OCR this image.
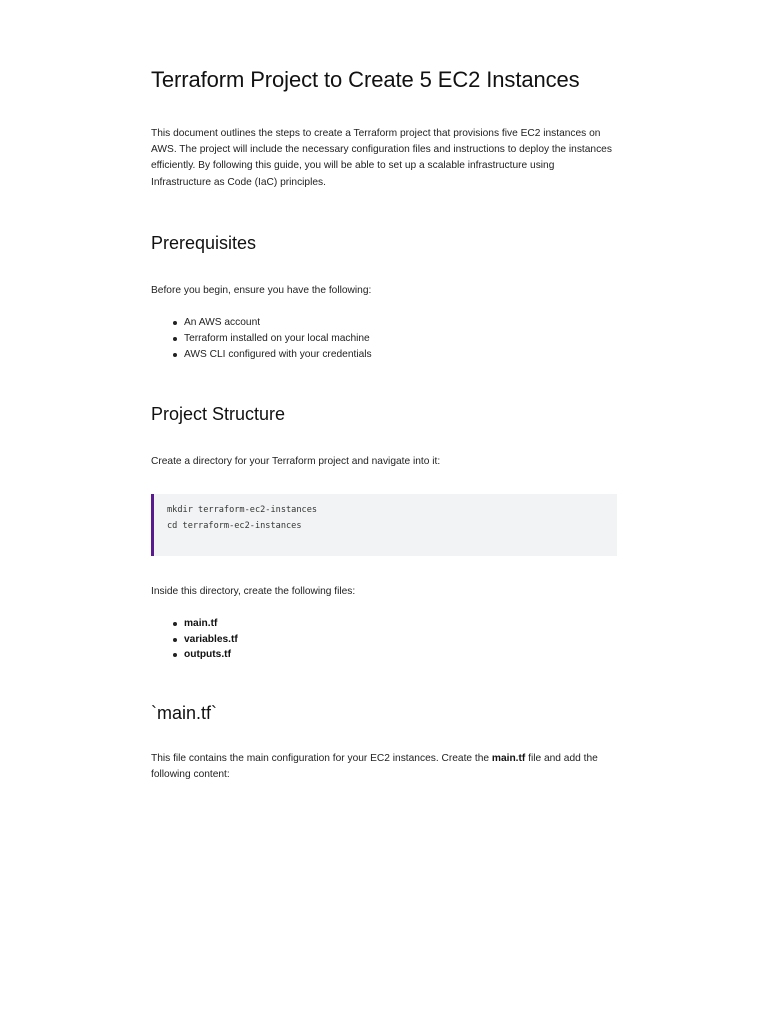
Terraform Project to Create 5 EC2 Instances

This document outlines the steps to create a Terraform project that provisions five EC2 instances on AWS. The project will include the necessary configuration files and instructions to deploy the instances efficiently. By following this guide, you will be able to set up a scalable infrastructure using Infrastructure as Code (IaC) principles.

Prerequisites

Before you begin, ensure you have the following:

An AWS account
Terraform installed on your local machine
AWS CLI configured with your credentials
Project Structure

Create a directory for your Terraform project and navigate into it:

mkdir terraform-ec2-instances
cd terraform-ec2-instances

Inside this directory, create the following files:

main.tf
variables.tf
outputs.tf
`main.tf`

This file contains the main configuration for your EC2 instances. Create the main.tf file and add the following content:
